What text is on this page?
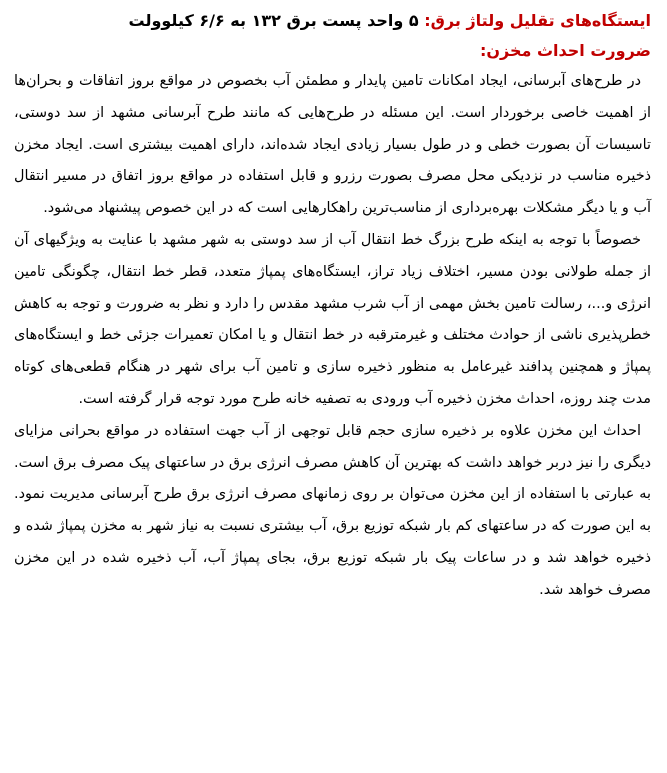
ایستگاه‌های تقلیل ولتاژ برق: ۵ واحد پست برق ۱۳۲ به ۶/۶ کیلوولت
ضرورت احداث مخزن:

در طرح‌های آبرسانی، ایجاد امکانات تامین پایدار و مطمئن آب بخصوص در مواقع بروز اتفاقات و بحران‌ها از اهمیت خاصی برخوردار است. این مسئله در طرح‌هایی که مانند طرح آبرسانی مشهد از سد دوستی، تاسیسات آن بصورت خطی و در طول بسیار زیادی ایجاد شده‌اند، دارای اهمیت بیشتری است. ایجاد مخزن ذخیره مناسب در نزدیکی محل مصرف بصورت رزرو و قابل استفاده در مواقع بروز اتفاق در مسیر انتقال آب و یا دیگر مشکلات بهره‌برداری از مناسب‌ترین راهکارهایی است که در این خصوص پیشنهاد می‌شود.

خصوصاً با توجه به اینکه طرح بزرگ خط انتقال آب از سد دوستی به شهر مشهد با عنایت به ویژگیهای آن از جمله طولانی بودن مسیر، اختلاف زیاد تراز، ایستگاه‌های پمپاژ متعدد، قطر خط انتقال، چگونگی تامین انرژی و...، رسالت تامین بخش مهمی از آب شرب مشهد مقدس را دارد و نظر به ضرورت و توجه به کاهش خطرپذیری ناشی از حوادث مختلف و غیرمترقبه در خط انتقال و یا امکان تعمیرات جزئی خط و ایستگاه‌های پمپاژ و همچنین پدافند غیرعامل به منظور ذخیره سازی و تامین آب برای شهر در هنگام قطعی‌های کوتاه مدت چند روزه، احداث مخزن ذخیره آب ورودی به تصفیه خانه طرح مورد توجه قرار گرفته است.

احداث این مخزن علاوه بر ذخیره سازی حجم قابل توجهی از آب جهت استفاده در مواقع بحرانی مزایای دیگری را نیز دربر خواهد داشت که بهترین آن کاهش مصرف انرژی برق در ساعتهای پیک مصرف برق است. به عبارتی با استفاده از این مخزن می‌توان بر روی زمانهای مصرف انرژی برق طرح آبرسانی مدیریت نمود. به این صورت که در ساعتهای کم بار شبکه توزیع برق، آب بیشتری نسبت به نیاز شهر به مخزن پمپاژ شده و ذخیره خواهد شد و در ساعات پیک بار شبکه توزیع برق، بجای پمپاژ آب، آب ذخیره شده در این مخزن مصرف خواهد شد.
